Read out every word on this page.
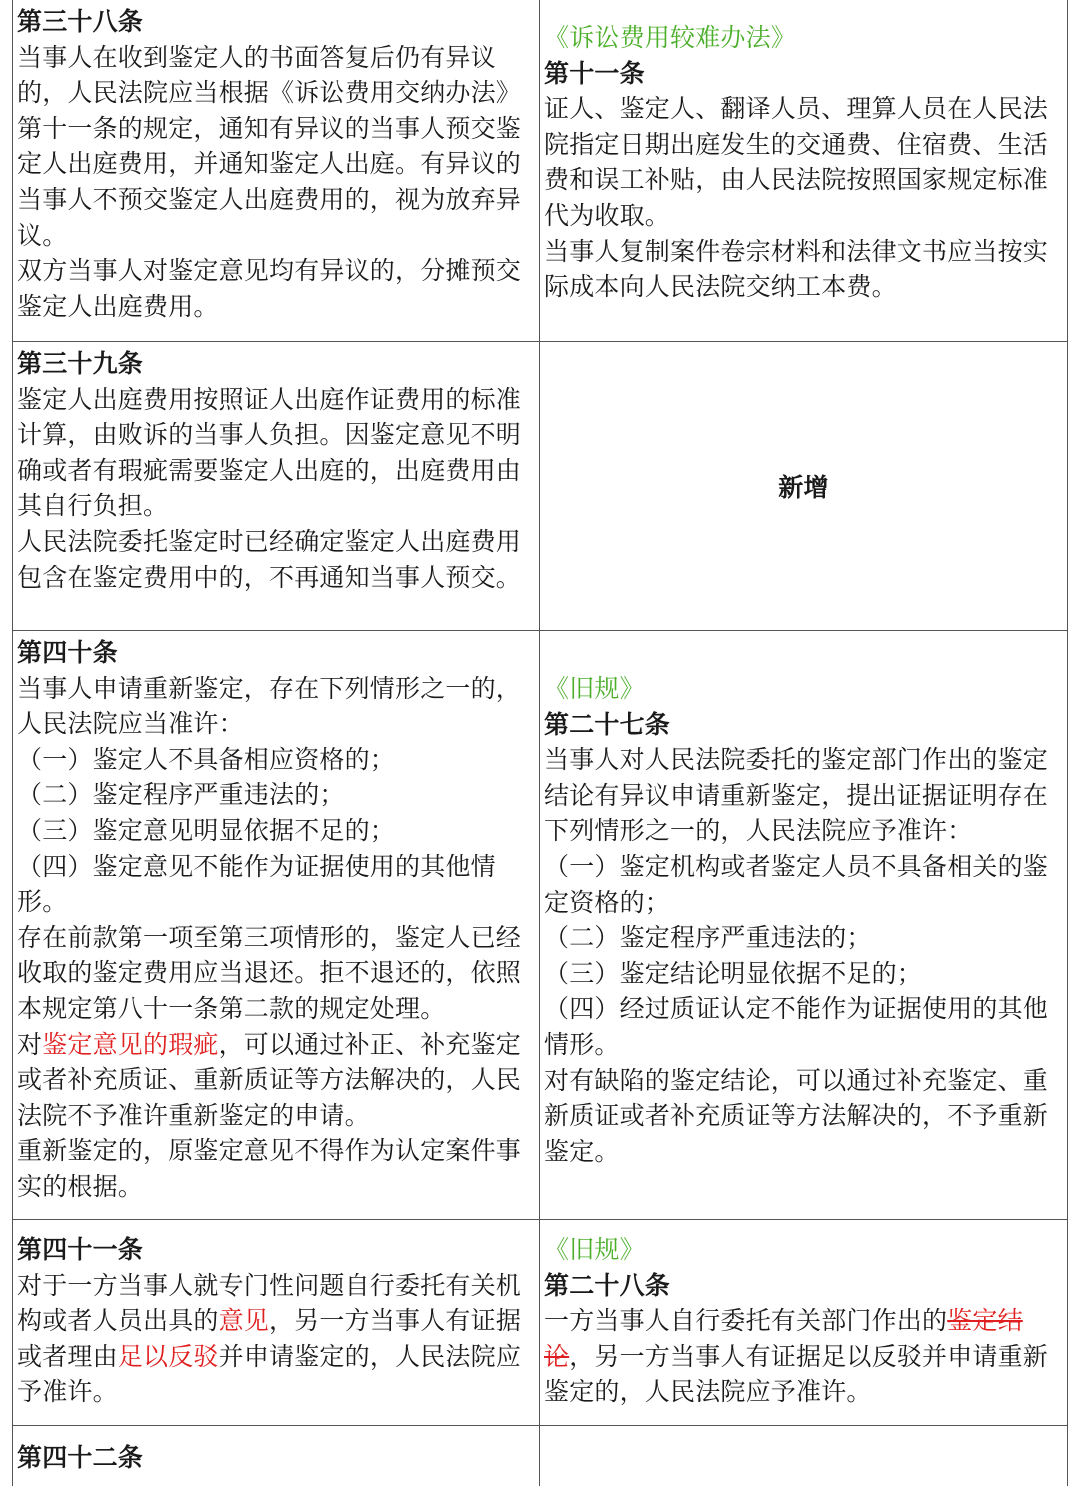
第三十八条

当事人在收到鉴定人的书面答复后仍有异议的，人民法院应当根据《诉讼费用交纳办法》第十一条的规定，通知有异议的当事人预交鉴定人出庭费用，并通知鉴定人出庭。有异议的当事人不预交鉴定人出庭费用的，视为放弃异议。

双方当事人对鉴定意见均有异议的，分摊预交鉴定人出庭费用。

《诉讼费用较难办法》

第十一条

证人、鉴定人、翻译人员、理算人员在人民法院指定日期出庭发生的交通费、住宿费、生活费和误工补贴，由人民法院按照国家规定标准代为收取。

当事人复制案件卷宗材料和法律文书应当按实际成本向人民法院交纳工本费。

第三十九条

鉴定人出庭费用按照证人出庭作证费用的标准计算，由败诉的当事人负担。因鉴定意见不明确或者有瑕疵需要鉴定人出庭的，出庭费用由其自行负担。

人民法院委托鉴定时已经确定鉴定人出庭费用包含在鉴定费用中的，不再通知当事人预交。

新增

第四十条

当事人申请重新鉴定，存在下列情形之一的，人民法院应当准许：

（一）鉴定人不具备相应资格的；

（二）鉴定程序严重违法的；

（三）鉴定意见明显依据不足的；

（四）鉴定意见不能作为证据使用的其他情形。

存在前款第一项至第三项情形的，鉴定人已经收取的鉴定费用应当退还。拒不退还的，依照本规定第八十一条第二款的规定处理。

对鉴定意见的瑕疵，可以通过补正、补充鉴定或者补充质证、重新质证等方法解决的，人民法院不予准许重新鉴定的申请。

重新鉴定的，原鉴定意见不得作为认定案件事实的根据。

《旧规》

第二十七条

当事人对人民法院委托的鉴定部门作出的鉴定结论有异议申请重新鉴定，提出证据证明存在下列情形之一的，人民法院应予准许：

（一）鉴定机构或者鉴定人员不具备相关的鉴定资格的；

（二）鉴定程序严重违法的；

（三）鉴定结论明显依据不足的；

（四）经过质证认定不能作为证据使用的其他情形。

对有缺陷的鉴定结论，可以通过补充鉴定、重新质证或者补充质证等方法解决的，不予重新鉴定。

第四十一条

对于一方当事人就专门性问题自行委托有关机构或者人员出具的意见，另一方当事人有证据或者理由足以反驳并申请鉴定的，人民法院应予准许。

《旧规》

第二十八条

一方当事人自行委托有关部门作出的鉴定结论，另一方当事人有证据足以反驳并申请重新鉴定的，人民法院应予准许。

第四十二条
